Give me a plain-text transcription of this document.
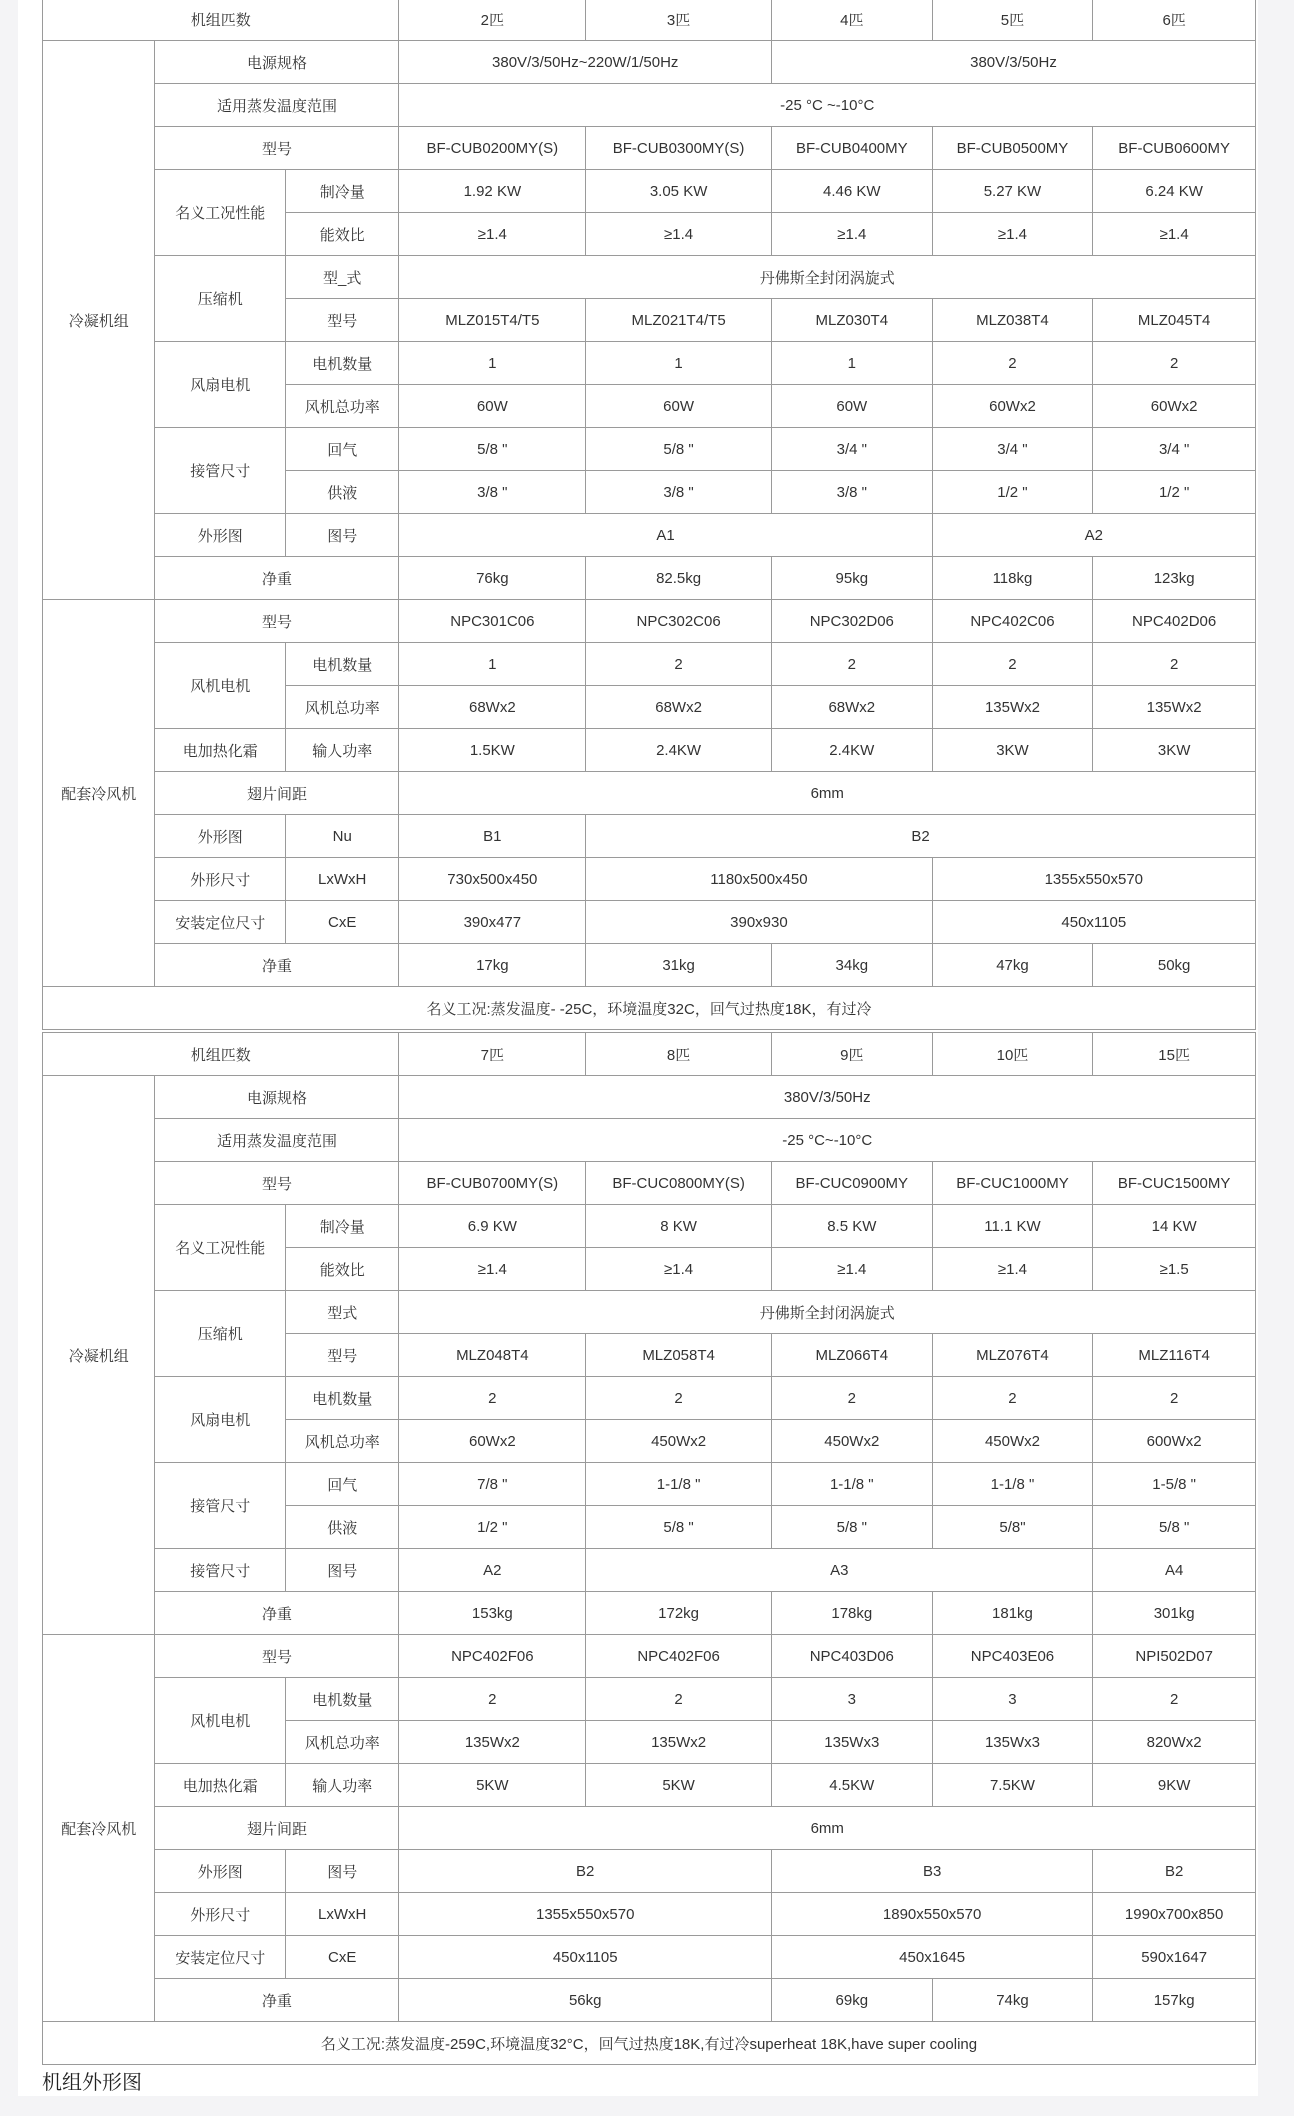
机组匹数			2匹	3匹	4匹	5匹	6匹
冷凝机组	电源规格		380V/3/50Hz~220W/1/50Hz		380V/3/50Hz		
	适用蒸发温度范围		-25 °C ~-10°C				
	型号		BF-CUB0200MY(S)	BF-CUB0300MY(S)	BF-CUB0400MY	BF-CUB0500MY	BF-CUB0600MY
	名义工况性能	制冷量	1.92 KW	3.05 KW	4.46 KW	5.27 KW	6.24 KW
		能效比	≥1.4	≥1.4	≥1.4	≥1.4	≥1.4
	压缩机	型_式	丹佛斯全封闭涡旋式				
		型号	MLZ015T4/T5	MLZ021T4/T5	MLZ030T4	MLZ038T4	MLZ045T4
	风扇电机	电机数量	1	1	1	2	2
		风机总功率	60W	60W	60W	60Wx2	60Wx2
	接管尺寸	回气	5/8 "	5/8 "	3/4 "	3/4 "	3/4 "
		供液	3/8 "	3/8 "	3/8 "	1/2 "	1/2 "
	外形图	图号	A1			A2	
	净重		76kg	82.5kg	95kg	118kg	123kg
配套冷风机	型号		NPC301C06	NPC302C06	NPC302D06	NPC402C06	NPC402D06
	风机电机	电机数量	1	2	2	2	2
		风机总功率	68Wx2	68Wx2	68Wx2	135Wx2	135Wx2
	电加热化霜	输人功率	1.5KW	2.4KW	2.4KW	3KW	3KW
	翅片间距		6mm				
	外形图	Nu	B1	B2			
	外形尺寸	LxWxH	730x500x450	1180x500x450		1355x550x570	
	安装定位尺寸	CxE	390x477	390x930		450x1105	
	净重		17kg	31kg	34kg	47kg	50kg
名义工况:蒸发温度- -25C，环境温度32C，回气过热度18K，有过冷							
机组匹数			7匹	8匹	9匹	10匹	15匹
冷凝机组	电源规格		380V/3/50Hz				
	适用蒸发温度范围		-25 °C~-10°C				
	型号		BF-CUB0700MY(S)	BF-CUC0800MY(S)	BF-CUC0900MY	BF-CUC1000MY	BF-CUC1500MY
	名义工况性能	制冷量	6.9 KW	8 KW	8.5 KW	11.1 KW	14 KW
		能效比	≥1.4	≥1.4	≥1.4	≥1.4	≥1.5
	压缩机	型式	丹佛斯全封闭涡旋式				
		型号	MLZ048T4	MLZ058T4	MLZ066T4	MLZ076T4	MLZ116T4
	风扇电机	电机数量	2	2	2	2	2
		风机总功率	60Wx2	450Wx2	450Wx2	450Wx2	600Wx2
	接管尺寸	回气	7/8 "	1-1/8 "	1-1/8 "	1-1/8 "	1-5/8 "
		供液	1/2 "	5/8 "	5/8 "	5/8"	5/8 "
	接管尺寸	图号	A2	A3			A4
	净重		153kg	172kg	178kg	181kg	301kg
配套冷风机	型号		NPC402F06	NPC402F06	NPC403D06	NPC403E06	NPI502D07
	风机电机	电机数量	2	2	3	3	2
		风机总功率	135Wx2	135Wx2	135Wx3	135Wx3	820Wx2
	电加热化霜	输人功率	5KW	5KW	4.5KW	7.5KW	9KW
	翅片间距		6mm				
	外形图	图号	B2		B3		B2
	外形尺寸	LxWxH	1355x550x570		1890x550x570		1990x700x850
	安装定位尺寸	CxE	450x1105		450x1645		590x1647
	净重		56kg		69kg	74kg	157kg
名义工况:蒸发温度-259C,环境温度32°C，回气过热度18K,有过冷superheat 18K,have super cooling							
机组外形图
